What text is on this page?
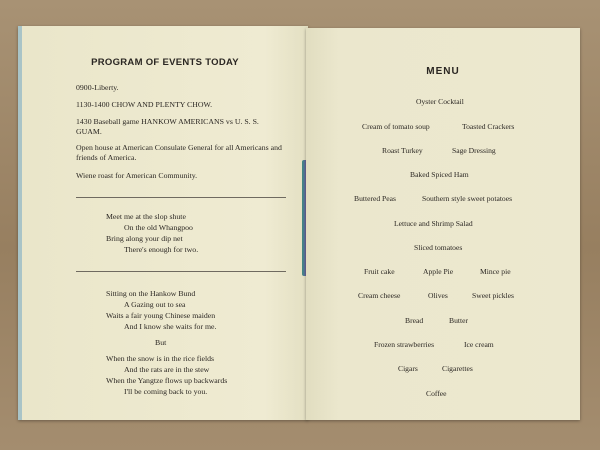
PROGRAM OF EVENTS TODAY
0900-Liberty.
1130-1400 CHOW AND PLENTY CHOW.
1430 Baseball game HANKOW AMERICANS vs U. S. S. GUAM.
Open house at American Consulate General for all Americans and friends of America.
Wiene roast for American Community.
Meet me at the slop shute
On the old Whangpoo
Bring along your dip net
There's enough for two.
Sitting on the Hankow Bund
A Gazing out to sea
Waits a fair young Chinese maiden
And I know she waits for me.
But
When the snow is in the rice fields
And the rats are in the stew
When the Yangtze flows up backwards
I'll be coming back to you.
MENU
Oyster Cocktail
Cream of tomato soup	Toasted Crackers
Roast Turkey	Sage Dressing
Baked Spiced Ham
Buttered Peas	Southern style sweet potatoes
Lettuce and Shrimp Salad
Sliced tomatoes
Fruit cake	Apple Pie	Mince pie
Cream cheese	Olives	Sweet pickles
Bread	Butter
Frozen strawberries	Ice cream
Cigars	Cigarettes
Coffee
